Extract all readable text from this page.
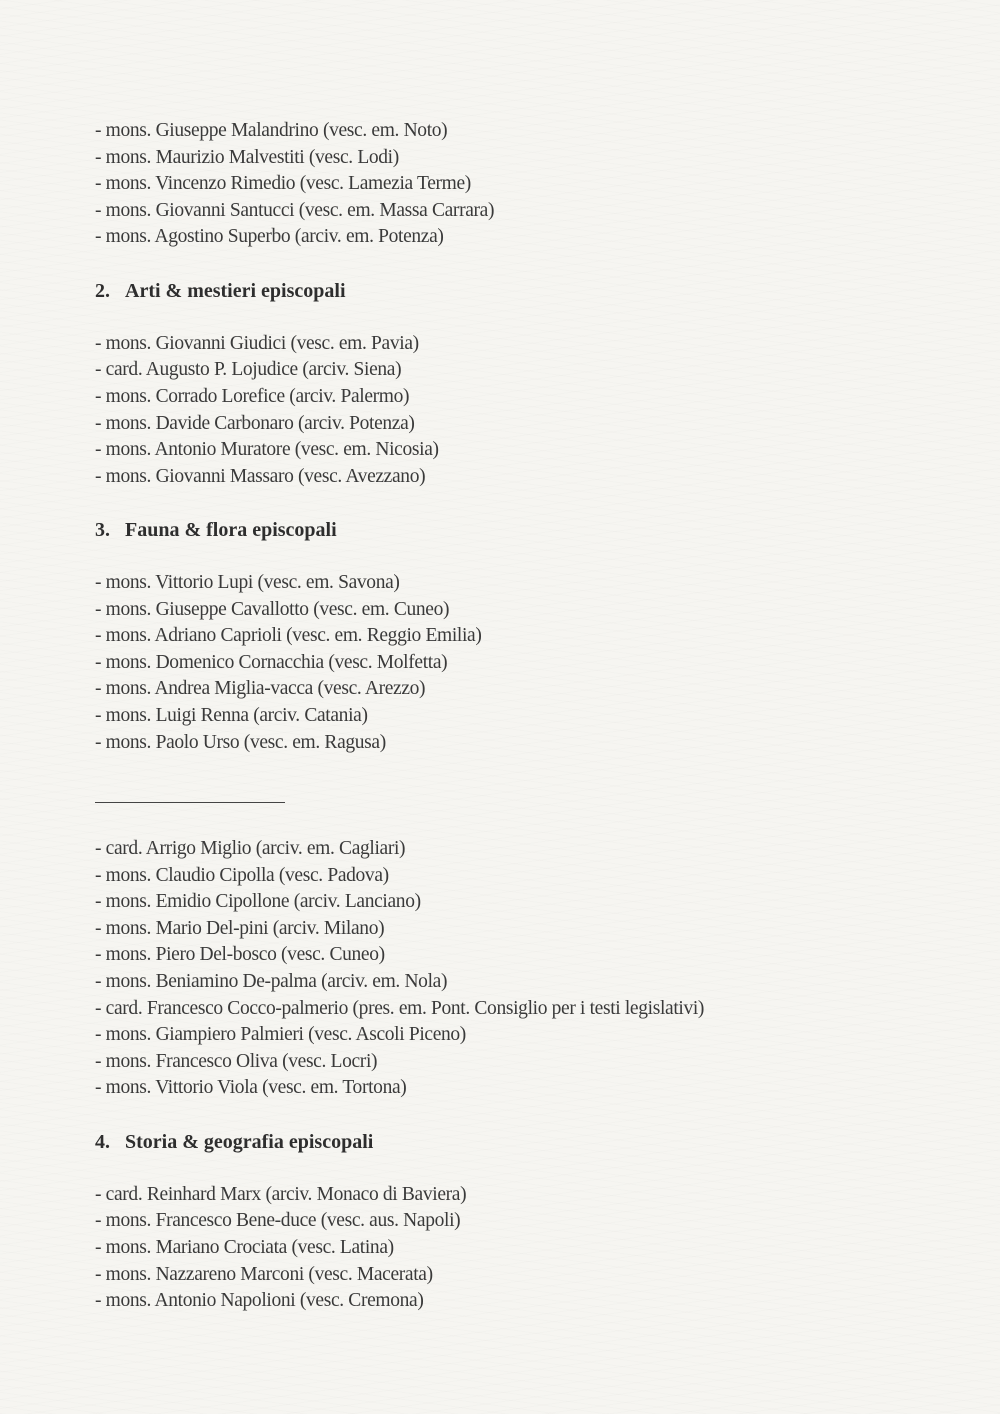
- mons. Giuseppe Malandrino (vesc. em. Noto)
- mons. Maurizio Malvestiti (vesc. Lodi)
- mons. Vincenzo Rimedio (vesc. Lamezia Terme)
- mons. Giovanni Santucci (vesc. em. Massa Carrara)
- mons. Agostino Superbo (arciv. em. Potenza)
2. Arti & mestieri episcopali
- mons. Giovanni Giudici (vesc. em. Pavia)
- card. Augusto P. Lojudice (arciv. Siena)
- mons. Corrado Lorefice (arciv. Palermo)
- mons. Davide Carbonaro (arciv. Potenza)
- mons. Antonio Muratore (vesc. em. Nicosia)
- mons. Giovanni Massaro (vesc. Avezzano)
3. Fauna & flora episcopali
- mons. Vittorio Lupi (vesc. em. Savona)
- mons. Giuseppe Cavallotto (vesc. em. Cuneo)
- mons. Adriano Caprioli (vesc. em. Reggio Emilia)
- mons. Domenico Cornacchia (vesc. Molfetta)
- mons. Andrea Miglia-vacca (vesc. Arezzo)
- mons. Luigi Renna (arciv. Catania)
- mons. Paolo Urso (vesc. em. Ragusa)
- card. Arrigo Miglio (arciv. em. Cagliari)
- mons. Claudio Cipolla (vesc. Padova)
- mons. Emidio Cipollone (arciv. Lanciano)
- mons. Mario Del-pini (arciv. Milano)
- mons. Piero Del-bosco (vesc. Cuneo)
- mons. Beniamino De-palma (arciv. em. Nola)
- card. Francesco Cocco-palmerio (pres. em. Pont. Consiglio per i testi legislativi)
- mons. Giampiero Palmieri (vesc. Ascoli Piceno)
- mons. Francesco Oliva (vesc. Locri)
- mons. Vittorio Viola (vesc. em. Tortona)
4. Storia & geografia episcopali
- card. Reinhard Marx (arciv. Monaco di Baviera)
- mons. Francesco Bene-duce (vesc. aus. Napoli)
- mons. Mariano Crociata (vesc. Latina)
- mons. Nazzareno Marconi (vesc. Macerata)
- mons. Antonio Napolioni (vesc. Cremona)
